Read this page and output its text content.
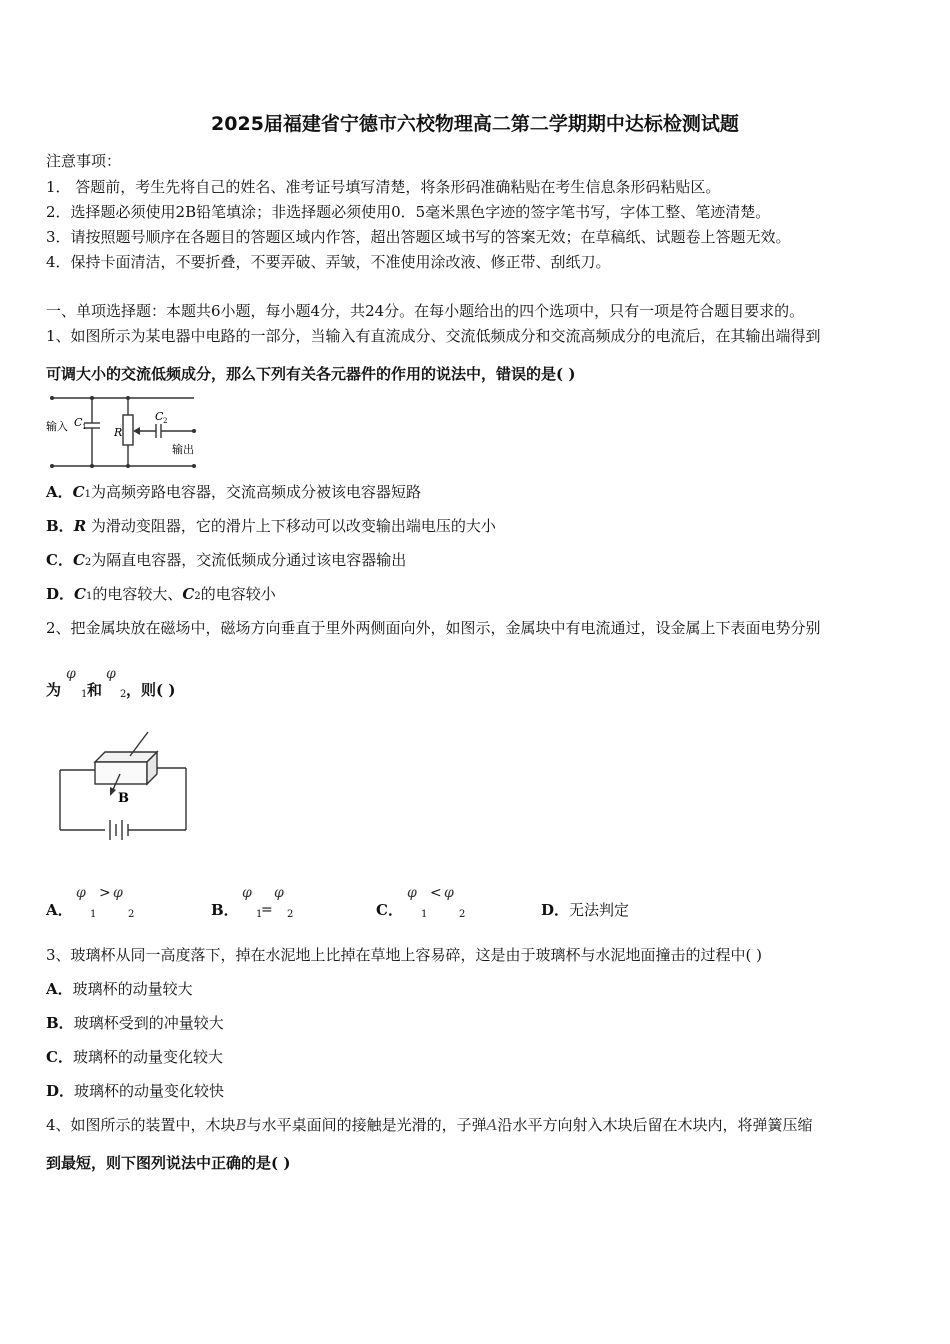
2025届福建省宁德市六校物理高二第二学期期中达标检测试题
注意事项：
1． 答题前，考生先将自己的姓名、准考证号填写清楚，将条形码准确粘贴在考生信息条形码粘贴区。
2．选择题必须使用2B铅笔填涂；非选择题必须使用0．5毫米黑色字迹的签字笔书写，字体工整、笔迹清楚。
3．请按照题号顺序在各题目的答题区域内作答，超出答题区域书写的答案无效；在草稿纸、试题卷上答题无效。
4．保持卡面清洁，不要折叠，不要弄破、弄皱，不准使用涂改液、修正带、刮纸刀。
一、单项选择题：本题共6小题，每小题4分，共24分。在每小题给出的四个选项中，只有一项是符合题目要求的。
1、如图所示为某电器中电路的一部分，当输入有直流成分、交流低频成分和交流高频成分的电流后，在其输出端得到
可调大小的交流低频成分，那么下列有关各元器件的作用的说法中，错误的是( )
输入 C 1	R
C 2
输出
A．C1为高频旁路电容器，交流高频成分被该电容器短路
B．R 为滑动变阻器，它的滑片上下移动可以改变输出端电压的大小
C．C2为隔直电容器，交流低频成分通过该电容器输出
D．C1的电容较大、C2的电容较小
2、把金属块放在磁场中，磁场方向垂直于里外两侧面向外，如图示，金属块中有电流通过，设金属上下表面电势分别
为
φ
1 和
φ
2 ，则( )
B
A．
φ > φ
1	2	B．
φ
1
=
φ
2	C．
φ < φ
1	2	D．无法判定
3、玻璃杯从同一高度落下，掉在水泥地上比掉在草地上容易碎，这是由于玻璃杯与水泥地面撞击的过程中( )
A．玻璃杯的动量较大
B．玻璃杯受到的冲量较大
C．玻璃杯的动量变化较大
D．玻璃杯的动量变化较快
4、如图所示的装置中，木块B与水平桌面间的接触是光滑的，子弹A沿水平方向射入木块后留在木块内，将弹簧压缩
到最短，则下图列说法中正确的是( )
